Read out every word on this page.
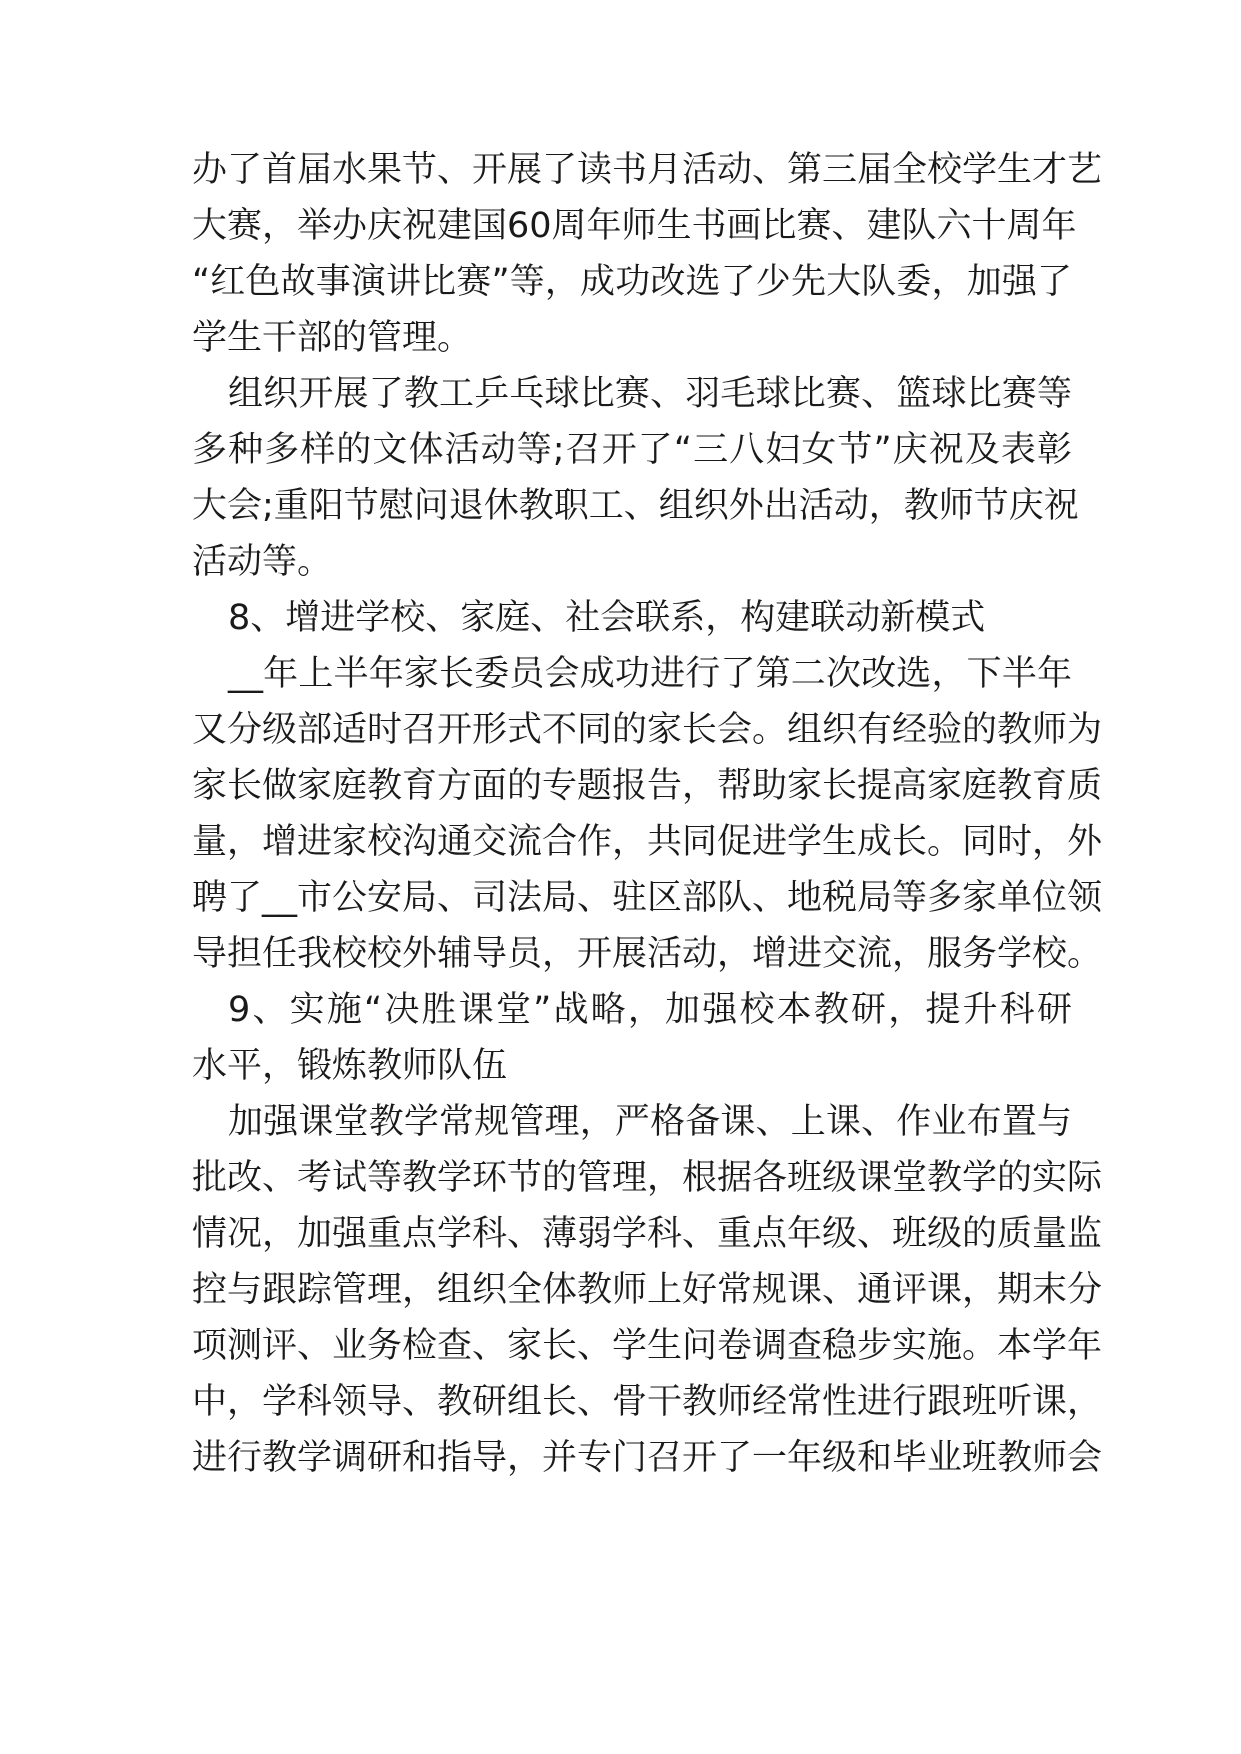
办了首届水果节、开展了读书月活动、第三届全校学生才艺
大赛，举办庆祝建国60周年师生书画比赛、建队六十周年
“红色故事演讲比赛”等，成功改选了少先大队委，加强了
学生干部的管理。
组织开展了教工乒乓球比赛、羽毛球比赛、篮球比赛等
多种多样的文体活动等;召开了“三八妇女节”庆祝及表彰
大会;重阳节慰问退休教职工、组织外出活动，教师节庆祝
活动等。
8、增进学校、家庭、社会联系，构建联动新模式
__年上半年家长委员会成功进行了第二次改选，下半年
又分级部适时召开形式不同的家长会。组织有经验的教师为
家长做家庭教育方面的专题报告，帮助家长提高家庭教育质
量，增进家校沟通交流合作，共同促进学生成长。同时，外
聘了__市公安局、司法局、驻区部队、地税局等多家单位领
导担任我校校外辅导员，开展活动，增进交流，服务学校。
9、实施“决胜课堂”战略，加强校本教研，提升科研
水平，锻炼教师队伍
加强课堂教学常规管理，严格备课、上课、作业布置与
批改、考试等教学环节的管理，根据各班级课堂教学的实际
情况，加强重点学科、薄弱学科、重点年级、班级的质量监
控与跟踪管理，组织全体教师上好常规课、通评课，期末分
项测评、业务检查、家长、学生问卷调查稳步实施。本学年
中，学科领导、教研组长、骨干教师经常性进行跟班听课，
进行教学调研和指导，并专门召开了一年级和毕业班教师会
